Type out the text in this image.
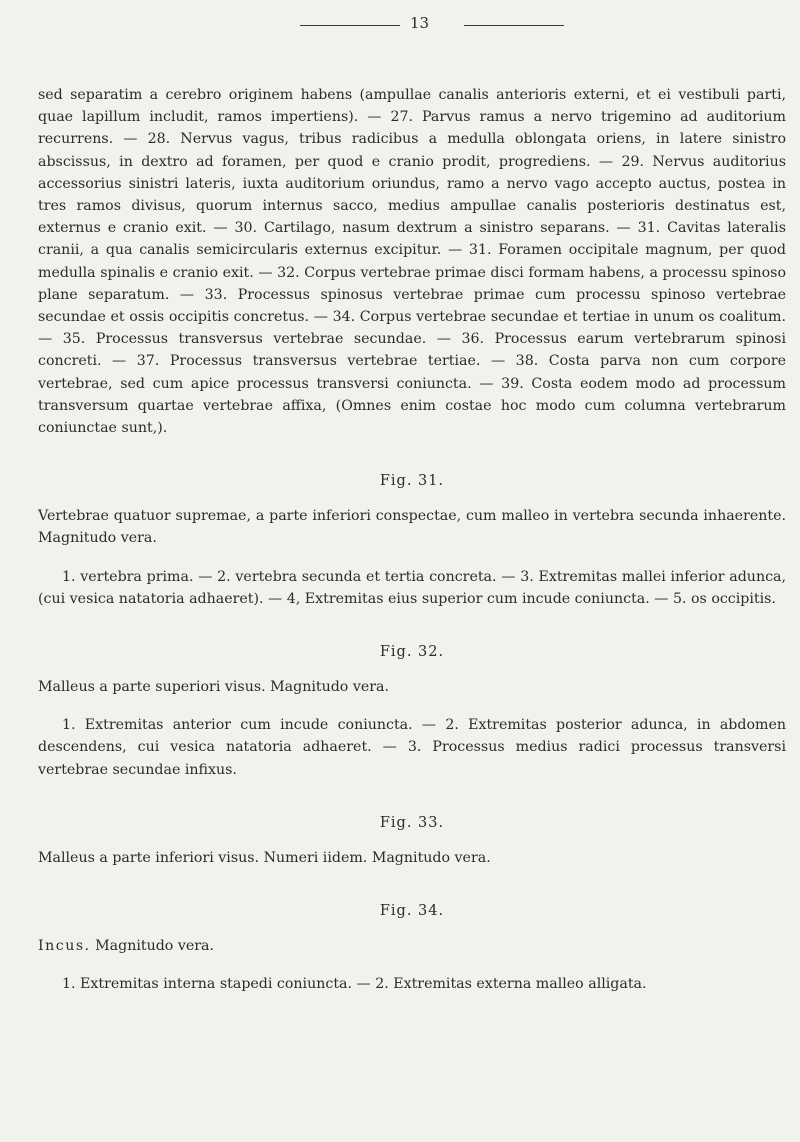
13

sed separatim a cerebro originem habens (ampullae canalis anterioris externi, et ei vestibuli parti, quae lapillum includit, ramos impertiens). — 27. Parvus ramus a nervo trigemino ad auditorium recurrens. — 28. Nervus vagus, tribus radicibus a medulla oblongata oriens, in latere sinistro abscissus, in dextro ad foramen, per quod e cranio prodit, progrediens. — 29. Nervus auditorius accessorius sinistri lateris, iuxta auditorium oriundus, ramo a nervo vago accepto auctus, postea in tres ramos divisus, quorum internus sacco, medius ampullae canalis posterioris destinatus est, externus e cranio exit. — 30. Cartilago, nasum dextrum a sinistro separans. — 31. Cavitas lateralis cranii, a qua canalis semicircularis externus excipitur. — 31. Foramen occipitale magnum, per quod medulla spinalis e cranio exit. — 32. Corpus vertebrae primae disci formam habens, a processu spinoso plane separatum. — 33. Processus spinosus vertebrae primae cum processu spinoso vertebrae secundae et ossis occipitis concretus. — 34. Corpus vertebrae secundae et tertiae in unum os coalitum. — 35. Processus transversus vertebrae secundae. — 36. Processus earum vertebrarum spinosi concreti. — 37. Processus transversus vertebrae tertiae. — 38. Costa parva non cum corpore vertebrae, sed cum apice processus transversi coniuncta. — 39. Costa eodem modo ad processum transversum quartae vertebrae affixa, (Omnes enim costae hoc modo cum columna vertebrarum coniunctae sunt,).

Fig. 31.

Vertebrae quatuor supremae, a parte inferiori conspectae, cum malleo in vertebra secunda inhaerente. Magnitudo vera.

1. vertebra prima. — 2. vertebra secunda et tertia concreta. — 3. Extremitas mallei inferior adunca, (cui vesica natatoria adhaeret). — 4, Extremitas eius superior cum incude coniuncta. — 5. os occipitis.

Fig. 32.

Malleus a parte superiori visus. Magnitudo vera.

1. Extremitas anterior cum incude coniuncta. — 2. Extremitas posterior adunca, in abdomen descendens, cui vesica natatoria adhaeret. — 3. Processus medius radici processus transversi vertebrae secundae infixus.

Fig. 33.

Malleus a parte inferiori visus. Numeri iidem. Magnitudo vera.

Fig. 34.

Incus. Magnitudo vera.

1. Extremitas interna stapedi coniuncta. — 2. Extremitas externa malleo alligata.
